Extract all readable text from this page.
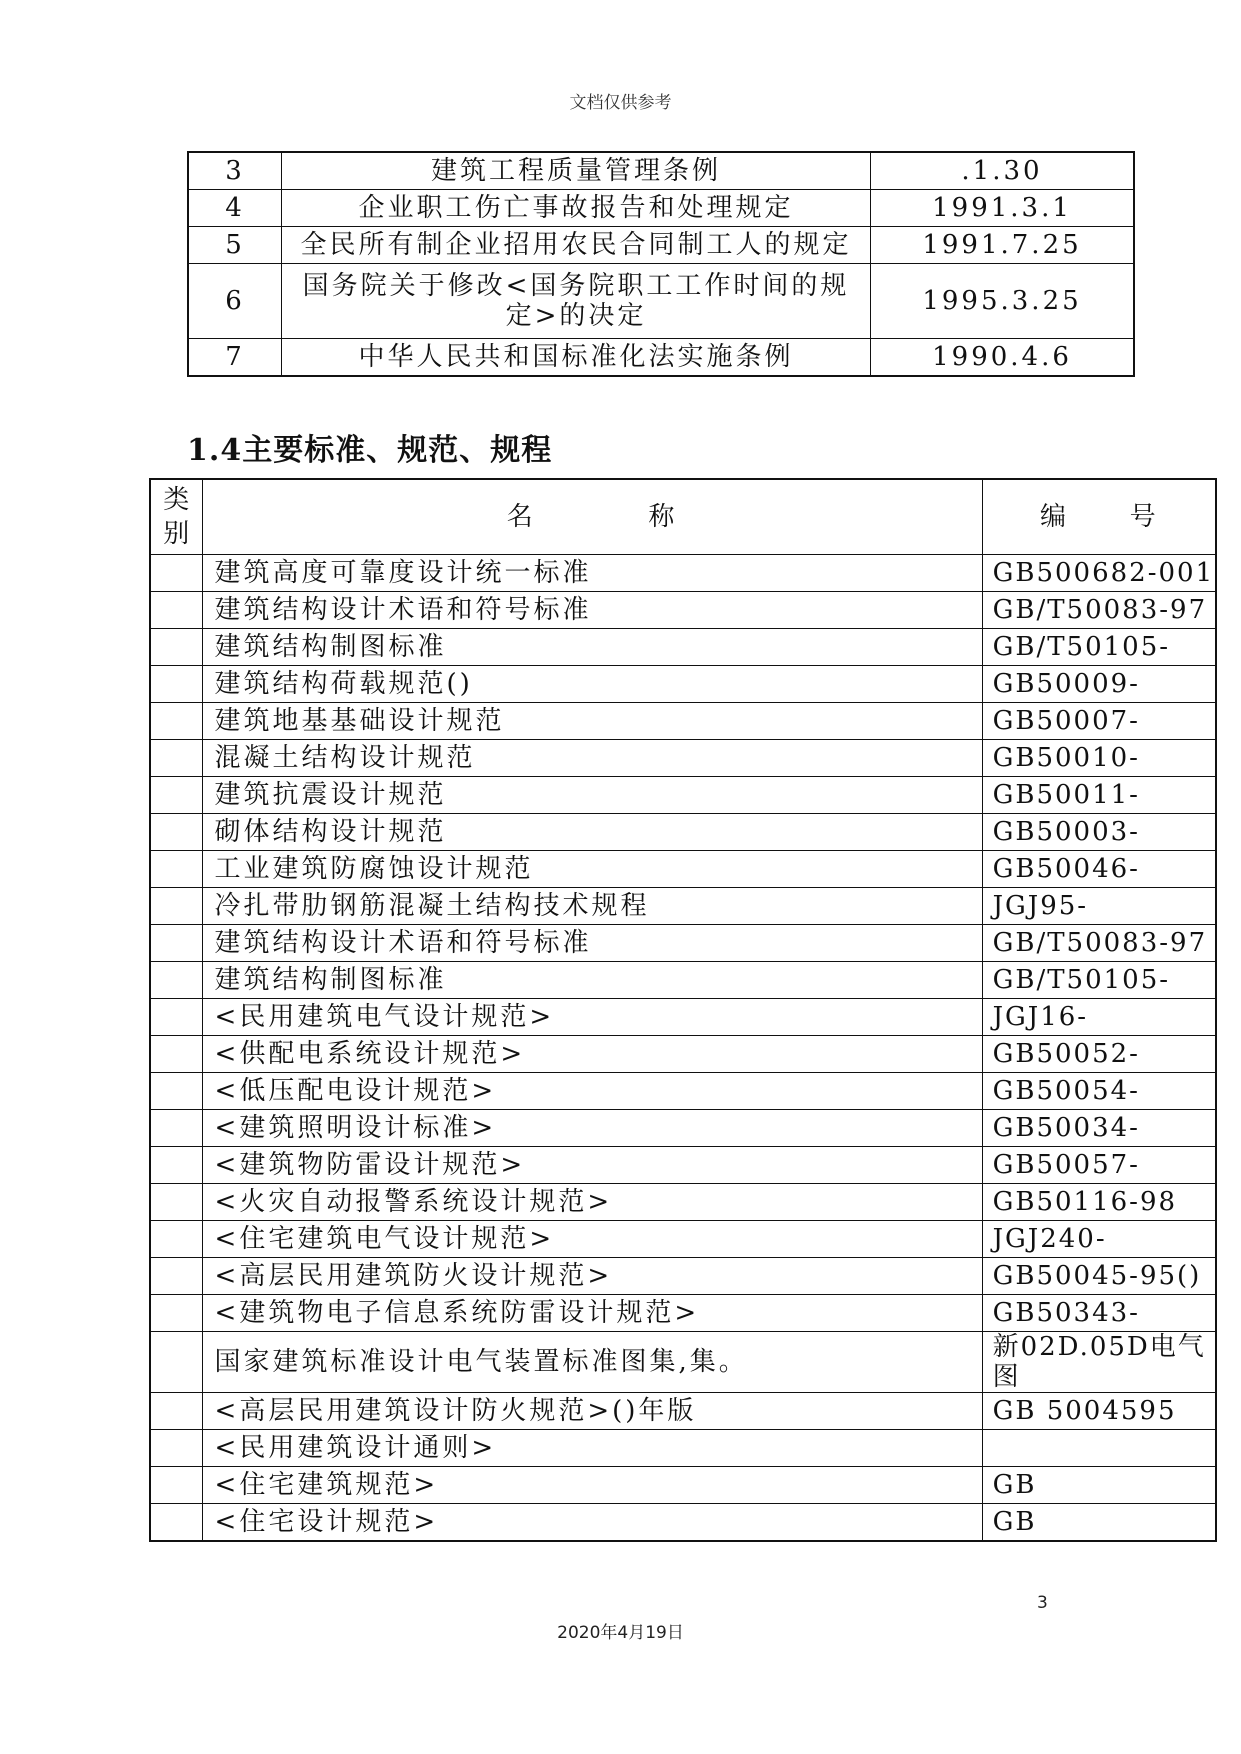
文档仅供参考
3	建筑工程质量管理条例	.1.30
4	企业职工伤亡事故报告和处理规定	1991.3.1
5	全民所有制企业招用农民合同制工人的规定	1991.7.25
6	国务院关于修改<国务院职工工作时间的规
定>的决定	1995.3.25
7	中华人民共和国标准化法实施条例	1990.4.6
1.4主要标准、规范、规程
类
别	名          称	编      号
	建筑高度可靠度设计统一标准	GB500682-001
	建筑结构设计术语和符号标准	GB/T50083-97
	建筑结构制图标准	GB/T50105-
	建筑结构荷载规范()	GB50009-
	建筑地基基础设计规范	GB50007-
	混凝土结构设计规范	GB50010-
	建筑抗震设计规范	GB50011-
	砌体结构设计规范	GB50003-
	工业建筑防腐蚀设计规范	GB50046-
	冷扎带肋钢筋混凝土结构技术规程	JGJ95-
	建筑结构设计术语和符号标准	GB/T50083-97
	建筑结构制图标准	GB/T50105-
	<民用建筑电气设计规范>	JGJ16-
	<供配电系统设计规范>	GB50052-
	<低压配电设计规范>	GB50054-
	<建筑照明设计标准>	GB50034-
	<建筑物防雷设计规范>	GB50057-
	<火灾自动报警系统设计规范>	GB50116-98
	<住宅建筑电气设计规范>	JGJ240-
	<高层民用建筑防火设计规范>	GB50045-95()
	<建筑物电子信息系统防雷设计规范>	GB50343-
	国家建筑标准设计电气装置标准图集,集。	新02D.05D电气图
	<高层民用建筑设计防火规范>()年版	GB 5004595
	<民用建筑设计通则>	
	<住宅建筑规范>	GB
	<住宅设计规范>	GB
3
2020年4月19日
